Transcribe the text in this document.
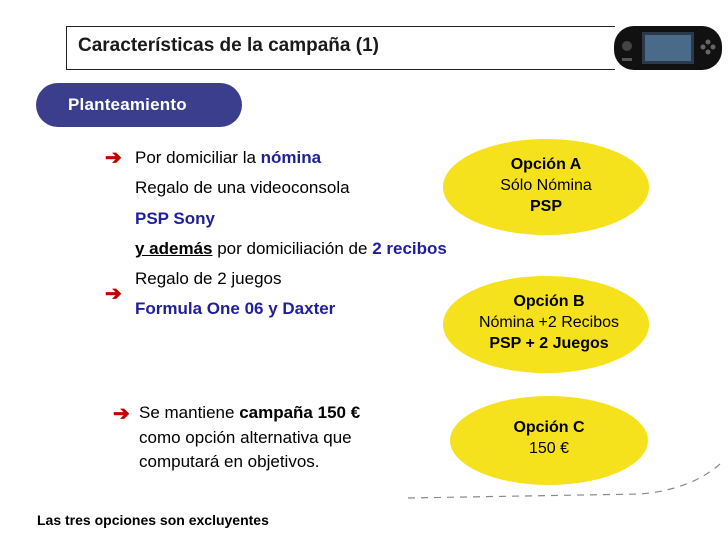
Características de la campaña (1)
Planteamiento
➔ Por domiciliar la nómina
Regalo de una videoconsola
PSP Sony
y además por domiciliación de 2 recibos
Regalo de 2 juegos
➔
Formula One 06 y Daxter
➔ Se mantiene campaña 150 €
como opción alternativa que
computará en objetivos.
Opción A
Sólo Nómina
PSP
Opción B
Nómina +2 Recibos
PSP + 2 Juegos
Opción C
150 €
Las tres opciones son excluyentes
